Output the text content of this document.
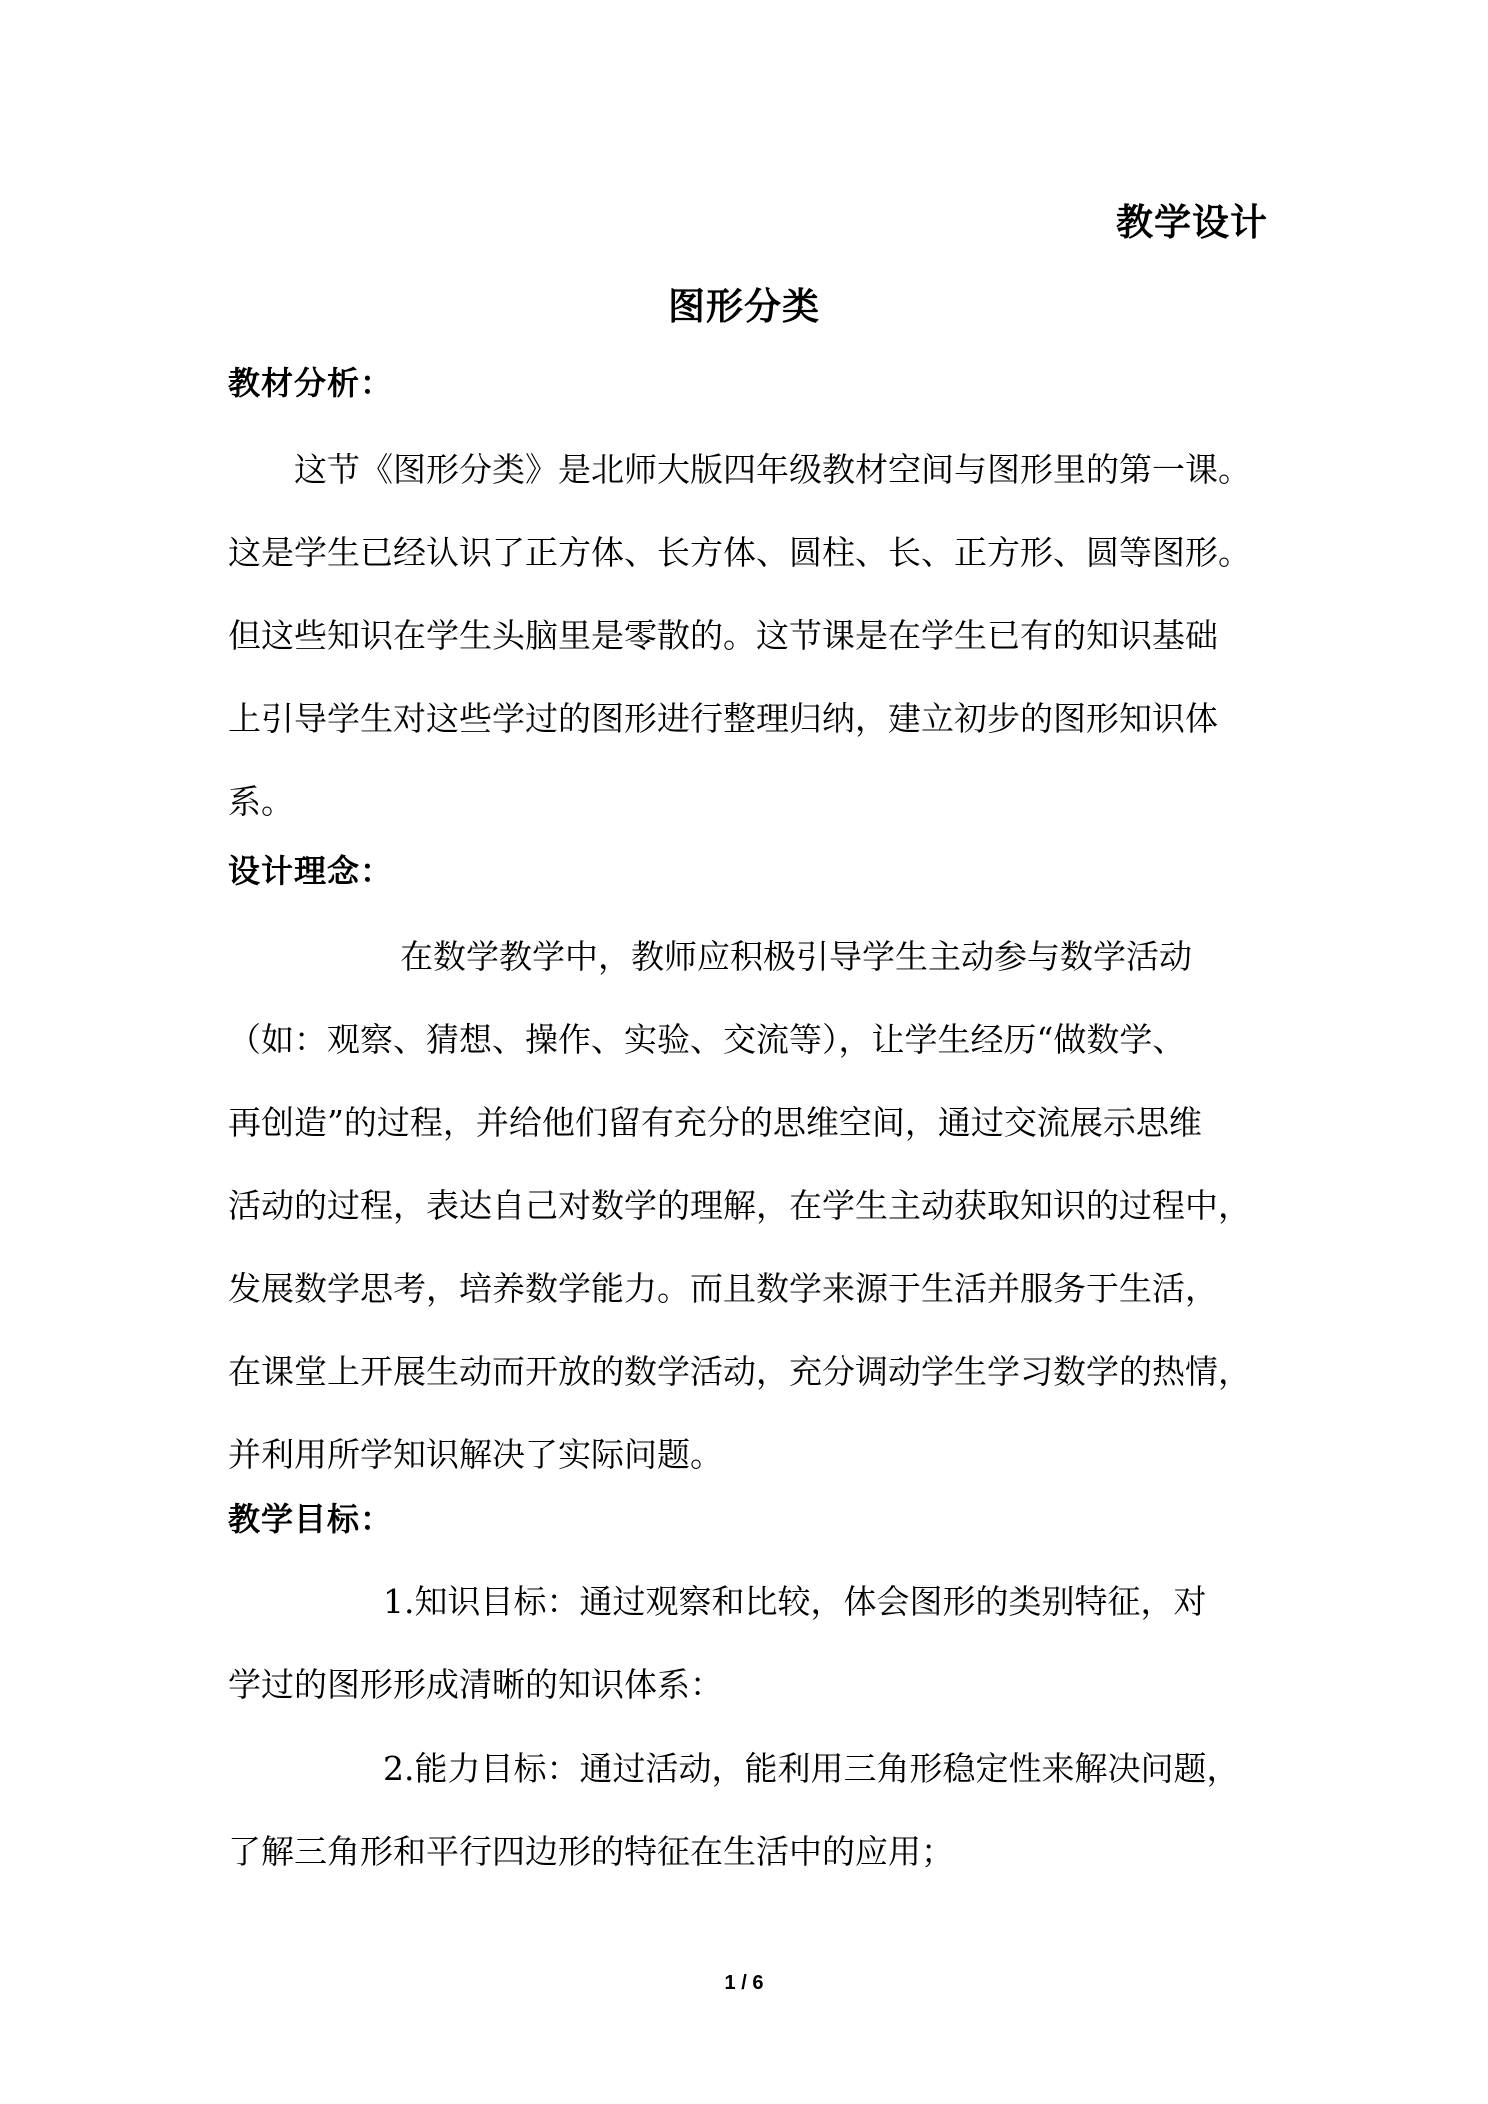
教学设计
图形分类
教材分析：
这节《图形分类》是北师大版四年级教材空间与图形里的第一课。
这是学生已经认识了正方体、长方体、圆柱、长、正方形、圆等图形。
但这些知识在学生头脑里是零散的。这节课是在学生已有的知识基础
上引导学生对这些学过的图形进行整理归纳，建立初步的图形知识体
系。
设计理念：
在数学教学中，教师应积极引导学生主动参与数学活动
（如：观察、猜想、操作、实验、交流等），让学生经历“做数学、
再创造”的过程，并给他们留有充分的思维空间，通过交流展示思维
活动的过程，表达自己对数学的理解，在学生主动获取知识的过程中，
发展数学思考，培养数学能力。而且数学来源于生活并服务于生活，
在课堂上开展生动而开放的数学活动，充分调动学生学习数学的热情，
并利用所学知识解决了实际问题。
教学目标：
1.知识目标：通过观察和比较，体会图形的类别特征，对
学过的图形形成清晰的知识体系：
2.能力目标：通过活动，能利用三角形稳定性来解决问题，
了解三角形和平行四边形的特征在生活中的应用；
1 / 6
